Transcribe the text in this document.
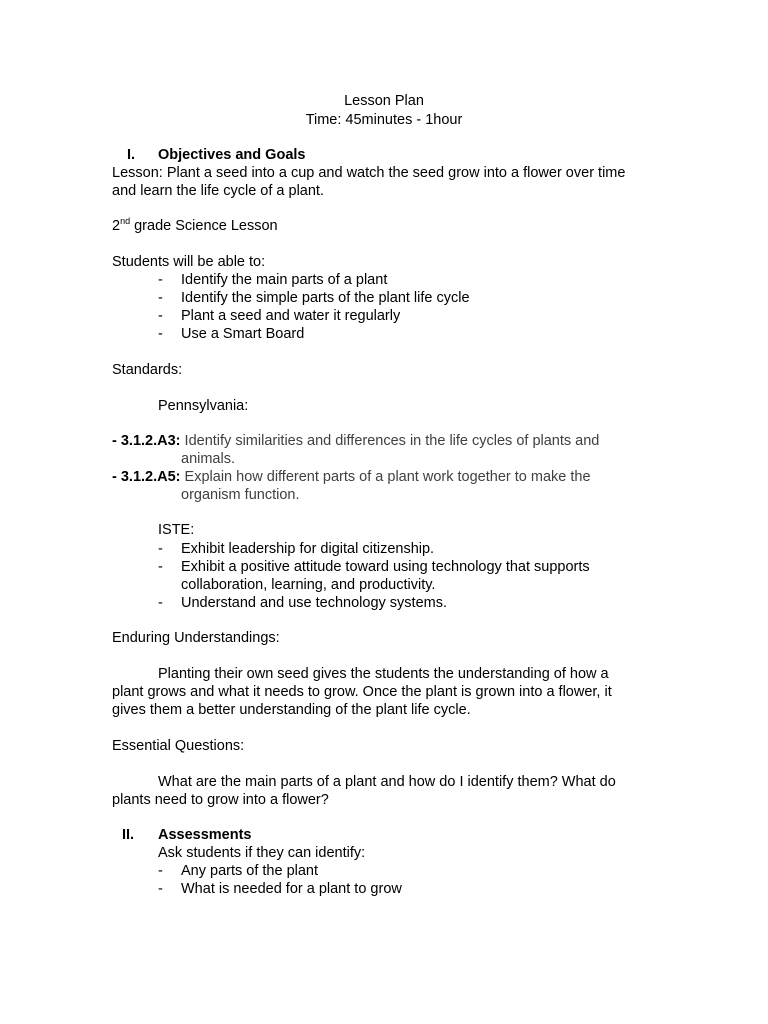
Lesson Plan
Time: 45minutes - 1hour
I. Objectives and Goals
Lesson: Plant a seed into a cup and watch the seed grow into a flower over time
and learn the life cycle of a plant.
2nd grade Science Lesson
Students will be able to:
- Identify the main parts of a plant
- Identify the simple parts of the plant life cycle
- Plant a seed and water it regularly
- Use a Smart Board
Standards:
Pennsylvania:
- 3.1.2.A3: Identify similarities and differences in the life cycles of plants and
animals.
- 3.1.2.A5: Explain how different parts of a plant work together to make the
organism function.
ISTE:
- Exhibit leadership for digital citizenship.
- Exhibit a positive attitude toward using technology that supports
collaboration, learning, and productivity.
- Understand and use technology systems.
Enduring Understandings:
Planting their own seed gives the students the understanding of how a
plant grows and what it needs to grow. Once the plant is grown into a flower, it
gives them a better understanding of the plant life cycle.
Essential Questions:
What are the main parts of a plant and how do I identify them? What do
plants need to grow into a flower?
II. Assessments
Ask students if they can identify:
- Any parts of the plant
- What is needed for a plant to grow
